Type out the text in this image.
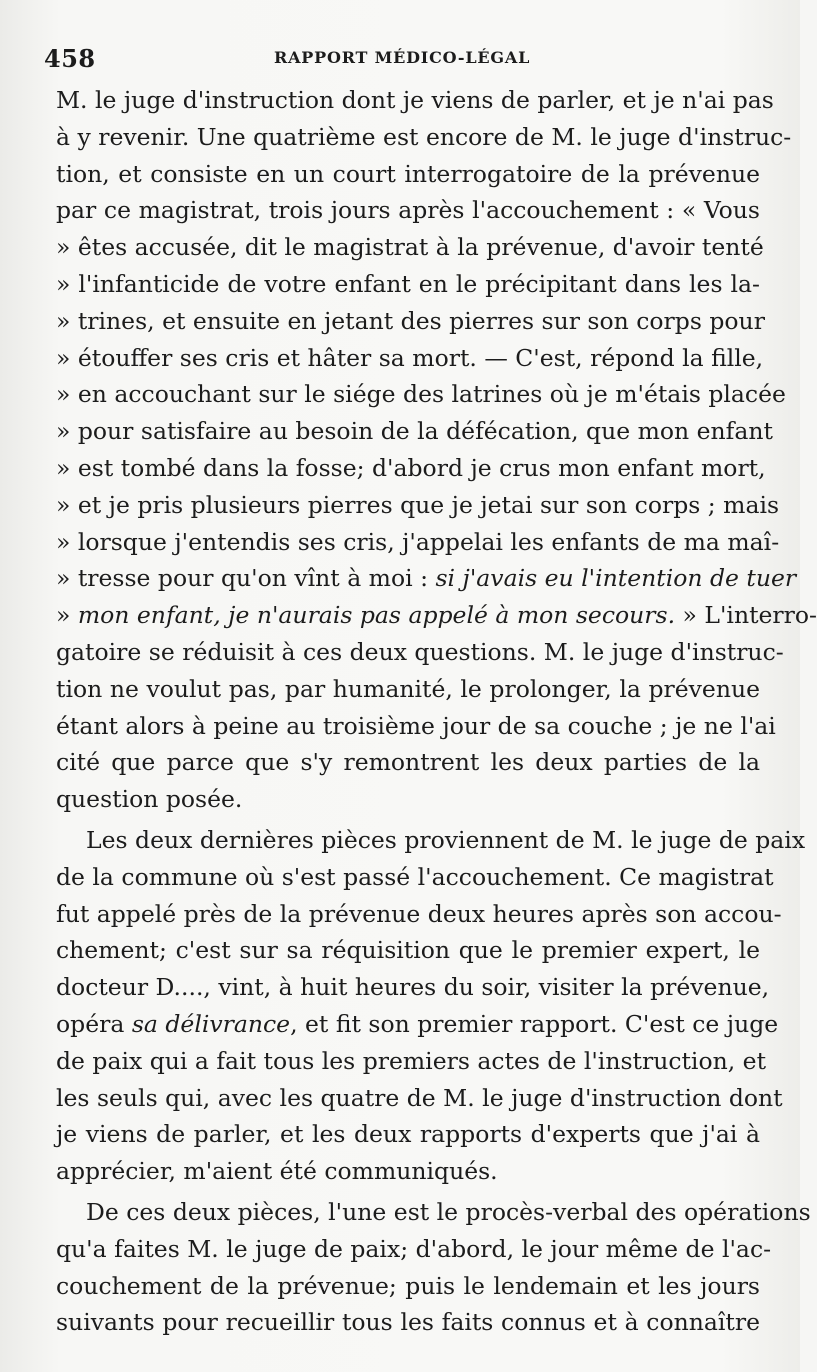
458	RAPPORT MÉDICO-LÉGAL
M. le juge d'instruction dont je viens de parler, et je n'ai pas
à y revenir. Une quatrième est encore de M. le juge d'instruc-
tion, et consiste en un court interrogatoire de la prévenue
par ce magistrat, trois jours après l'accouchement : « Vous
» êtes accusée, dit le magistrat à la prévenue, d'avoir tenté
» l'infanticide de votre enfant en le précipitant dans les la-
» trines, et ensuite en jetant des pierres sur son corps pour
» étouffer ses cris et hâter sa mort. — C'est, répond la fille,
» en accouchant sur le siége des latrines où je m'étais placée
» pour satisfaire au besoin de la défécation, que mon enfant
» est tombé dans la fosse; d'abord je crus mon enfant mort,
» et je pris plusieurs pierres que je jetai sur son corps ; mais
» lorsque j'entendis ses cris, j'appelai les enfants de ma maî-
» tresse pour qu'on vînt à moi : si j'avais eu l'intention de tuer
» mon enfant, je n'aurais pas appelé à mon secours. » L'interro-
gatoire se réduisit à ces deux questions. M. le juge d'instruc-
tion ne voulut pas, par humanité, le prolonger, la prévenue
étant alors à peine au troisième jour de sa couche ; je ne l'ai
cité que parce que s'y remontrent les deux parties de la
question posée.
Les deux dernières pièces proviennent de M. le juge de paix
de la commune où s'est passé l'accouchement. Ce magistrat
fut appelé près de la prévenue deux heures après son accou-
chement; c'est sur sa réquisition que le premier expert, le
docteur D...., vint, à huit heures du soir, visiter la prévenue,
opéra sa délivrance, et fit son premier rapport. C'est ce juge
de paix qui a fait tous les premiers actes de l'instruction, et
les seuls qui, avec les quatre de M. le juge d'instruction dont
je viens de parler, et les deux rapports d'experts que j'ai à
apprécier, m'aient été communiqués.
De ces deux pièces, l'une est le procès-verbal des opérations
qu'a faites M. le juge de paix; d'abord, le jour même de l'ac-
couchement de la prévenue; puis le lendemain et les jours
suivants pour recueillir tous les faits connus et à connaître
